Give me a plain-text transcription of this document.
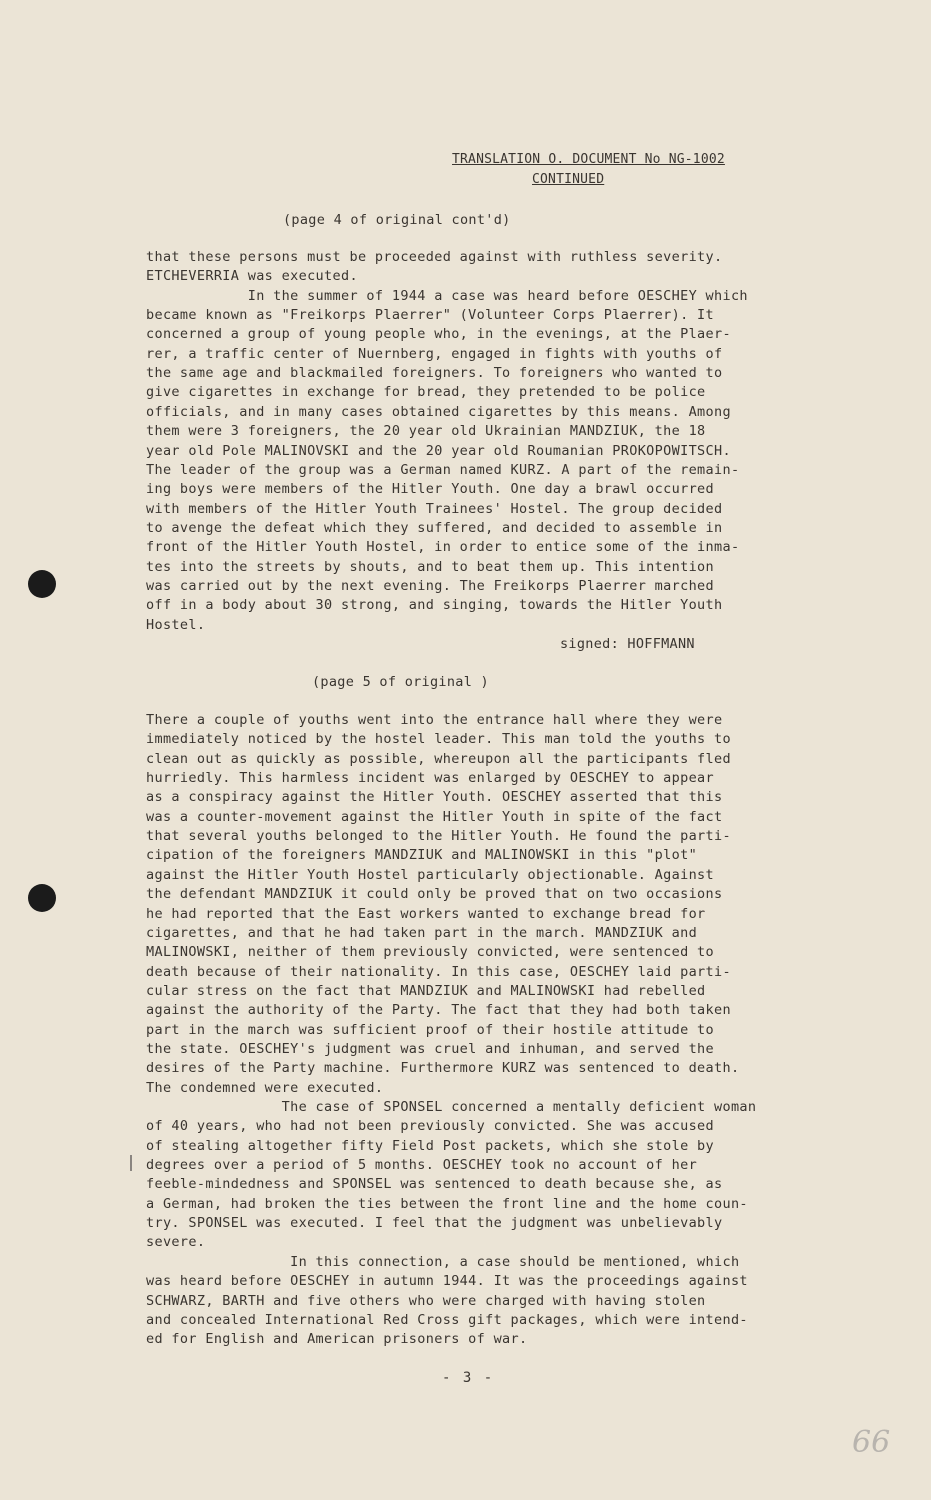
TRANSLATION O. DOCUMENT No NG-1002
CONTINUED
(page 4 of original cont'd)
that these persons must be proceeded against with ruthless severity.
ETCHEVERRIA was executed.
In the summer of 1944 a case was heard before OESCHEY which
became known as "Freikorps Plaerrer" (Volunteer Corps Plaerrer). It
concerned a group of young people who, in the evenings, at the Plaer-
rer, a traffic center of Nuernberg, engaged in fights with youths of
the same age and blackmailed foreigners. To foreigners who wanted to
give cigarettes in exchange for bread, they pretended to be police
officials, and in many cases obtained cigarettes by this means. Among
them were 3 foreigners, the 20 year old Ukrainian MANDZIUK, the 18
year old Pole MALINOVSKI and the 20 year old Roumanian PROKOPOWITSCH.
The leader of the group was a German named KURZ. A part of the remain-
ing boys were members of the Hitler Youth. One day a brawl occurred
with members of the Hitler Youth Trainees' Hostel. The group decided
to avenge the defeat which they suffered, and decided to assemble in
front of the Hitler Youth Hostel, in order to entice some of the inma-
tes into the streets by shouts, and to beat them up. This intention
was carried out by the next evening. The Freikorps Plaerrer marched
off in a body about 30 strong, and singing, towards the Hitler Youth
Hostel.
signed: HOFFMANN
(page 5 of original )
There a couple of youths went into the entrance hall where they were
immediately noticed by the hostel leader. This man told the youths to
clean out as quickly as possible, whereupon all the participants fled
hurriedly. This harmless incident was enlarged by OESCHEY to appear
as a conspiracy against the Hitler Youth. OESCHEY asserted that this
was a counter-movement against the Hitler Youth in spite of the fact
that several youths belonged to the Hitler Youth. He found the parti-
cipation of the foreigners MANDZIUK and MALINOWSKI in this "plot"
against the Hitler Youth Hostel particularly objectionable. Against
the defendant MANDZIUK it could only be proved that on two occasions
he had reported that the East workers wanted to exchange bread for
cigarettes, and that he had taken part in the march. MANDZIUK and
MALINOWSKI, neither of them previously convicted, were sentenced to
death because of their nationality. In this case, OESCHEY laid parti-
cular stress on the fact that MANDZIUK and MALINOWSKI had rebelled
against the authority of the Party. The fact that they had both taken
part in the march was sufficient proof of their hostile attitude to
the state. OESCHEY's judgment was cruel and inhuman, and served the
desires of the Party machine. Furthermore KURZ was sentenced to death.
The condemned were executed.
The case of SPONSEL concerned a mentally deficient woman
of 40 years, who had not been previously convicted. She was accused
of stealing altogether fifty Field Post packets, which she stole by
degrees over a period of 5 months. OESCHEY took no account of her
feeble-mindedness and SPONSEL was sentenced to death because she, as
a German, had broken the ties between the front line and the home coun-
try. SPONSEL was executed. I feel that the judgment was unbelievably
severe.
In this connection, a case should be mentioned, which
was heard before OESCHEY in autumn 1944. It was the proceedings against
SCHWARZ, BARTH and five others who were charged with having stolen
and concealed International Red Cross gift packages, which were intend-
ed for English and American prisoners of war.
- 3 -
66
